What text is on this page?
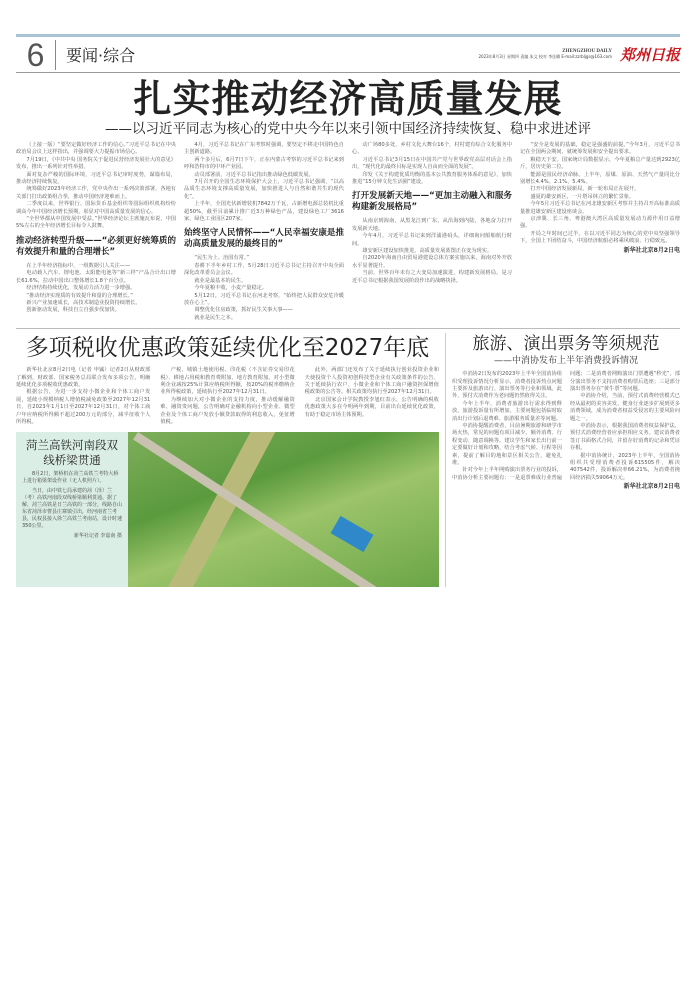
6	要闻·综合	ZHENGZHOU DAILY
2023年8月3日 星期四 责编 朱文 校对 李佳璐 E-mail:zzrbljgs@163.com 郑州日报
扎实推动经济高质量发展
——以习近平同志为核心的党中央今年以来引领中国经济持续恢复、稳中求进述评

（上接一版）“要坚定做好经济工作的信心。”习近平总书记在中央政治局会议上这样指出，并强调要大力提振市场信心。

7月19日，《中共中央 国务院关于促进民营经济发展壮大的意见》发布，推出一系列针对性举措。

面对复杂严峻的国际环境，习近平总书记审时度势，谋篇布局，推动经济持续恢复。

统筹做好2023年经济工作，党中央作出一系列决策部署，各地有关部门打出政策组合拳，推动中国经济迎难而上。

二季度以来，世界银行、国际货币基金组织等国际组织机构纷纷调高今年中国经济增长预期，彰显对中国高质量发展的信心。

“全世界都从中国发展中受益。”世界经济论坛主席施瓦布说，中国5%左右的全年经济增长目标令人鼓舞。

推动经济转型升级——“必须更好统筹质的有效提升和量的合理增长”

在上半年经济指标中，一组数据引人关注——

电动载人汽车、锂电池、太阳能电池等“新三样”产品合计出口增长61.6%，拉动中国出口整体增长1.8个百分点。

经济结构持续优化，发展动力活力进一步增强。

“推动经济实现质的有效提升和量的合理增长。”

新兴产业加速成长，高技术制造业投资持续增长。

创新驱动发展，科技自立自强步伐加快。

4月，习近平总书记在广东考察时强调，要坚定不移走中国特色自主创新道路。

两个多月后，6月7日下午，正在内蒙古考察的习近平总书记来到呼和浩特市的中环产业园。

动员部署前，习近平总书记指出推动绿色低碳发展。

7月召开的全国生态环境保护大会上，习近平总书记强调，“以高品质生态环境支撑高质量发展，加快推进人与自然和谐共生的现代化”。

上半年，全国光伏新增装机7842万千瓦，占新增电源总装机比重超50%，截至目前累计推广近3万种绿色产品，建设绿色工厂3616家，绿色工业园区207家。

始终坚守人民情怀——“人民幸福安康是推动高质量发展的最终目的”

“民生为上、治国有常。”

春耕下半年乡村工作，5月28日习近平总书记主持召开中央全面深化改革委员会会议。

就业是最基本的民生。

今年夏粮丰收，小麦产量稳定。

5月12日，习近平总书记在河北考察，“始终把人民群众安危冷暖放在心上”。

调整优化住房政策，抓好民生关事大事——

就业是民生之本。

动广场80多处，乡村文化大舞台16个，村村建有综合文化服务中心。

习近平总书记3月15日在中国共产党与世界政党高层对话会上指出，“现代化的最终目标是实现人自由而全面的发展”。

印发《关于构建优质均衡的基本公共教育服务体系的意见》，加快推进“15分钟文化生活圈”建设。

打开发展新天地——“更加主动融入和服务构建新发展格局”

从南京到海南，从黑龙江到广东，从沿海到内陆，各地奋力打开发展新天地。

今年4月，习近平总书记来到洋浦港码头，详细询问船舶航行时间。

雄安新区建设加快推进，高质量发展蓝图正在变为现实。

自2020年海南自由贸易港建设总体方案实施以来，海南对外开放水平显著提升。

当前，世界百年未有之大变局加速演进，构建新发展格局，是习近平总书记根据我国发展阶段作出的战略抉择。

“安全是发展的基础，稳定是强盛的前提。”今年3月，习近平总书记在全国两会期间，就统筹发展和安全提出要求。

粮稳天下安。国家统计局数据显示，今年夏粮总产量达到2923亿斤，居历史第二位。

能源是国民经济命脉。上半年，原煤、原油、天然气产量同比分别增长4.4%、2.1%、5.4%。

打开中国经济发展新局，新一轮布局正在展开。

盛夏的雄安新区，一片塔吊林立的繁忙景象。

今年5月习近平总书记在河北雄安新区考察并主持召开高标准高质量推进雄安新区建设座谈会。

京津冀、长三角、粤港澳大湾区高质量发展动力源作用日益增强。

开局之年时间已过半。在以习近平同志为核心的党中央坚强领导下，全国上下团结奋斗，中国经济航船必将乘风破浪、行稳致远。

新华社北京8月2日电
多项税收优惠政策延续优化至2027年底

新华社北京8月2日电（记者 申铖）记者2日从财政部了解到，财政部、国家税务总局联合发布多项公告，明确延续优化多项税收优惠政策。

根据公告，为进一步支持小微企业和个体工商户发展，延续小规模纳税人增值税减免政策至2027年12月31日，自2023年1月1日至2027年12月31日，对个体工商户年应纳税所得额不超过200万元的部分，减半征收个人所得税。

产税、城镇土地使用税、印花税（不含证券交易印花税）、耕地占用税和教育费附加、地方教育附加。对小型微利企业减按25%计算应纳税所得额，按20%的税率缴纳企业所得税政策，延续执行至2027年12月31日。

为继续加大对小微企业的支持力度，推动缓解融资难、融资贵问题，公告明确对金融机构向小型企业、微型企业及个体工商户发放小额贷款取得的利息收入，免征增值税。

此外，两部门还发布了关于延续执行创业投资企业和天使投资个人投资初创科技型企业有关政策条件的公告、关于延续执行农户、小微企业和个体工商户融资担保增值税政策的公告等。相关政策均执行至2027年12月31日。

北京国家会计学院教授李旭红表示，公告明确的税收优惠政策大多在今明两年到期，目前出台延续优化政策，有助于稳定市场主体预期。

菏兰高铁河南段双线桥梁贯通

8月2日，架桥机在菏兰高铁兰考特大桥上进行箱梁架设作业（无人机照片）。

当日，由中铁七局承建的菏（泽）兰（考）高铁河南段双线桥梁顺利贯通。据了解，菏兰高铁是日兰高铁的一部分，线路自山东省菏泽市曹县庄寨镇引出，经河南省兰考县，民权县接入徐兰高铁兰考南站，设计时速350公里。

新华社记者 李嘉南 摄

旅游、演出票务等须规范
——中消协发布上半年消费投诉情况

中消协2日发布的2023年上半年全国消协组织受理投诉情况分析显示，消费者投诉热点问题主要涉及旅游出行、演出票务等行业和领域。此外，预付式消费作为老问题仍然值得关注。

今年上半年，消费者旅游出行需求得到释放，旅游投诉量有所增加，主要问题包括临时取消出行计划后退费难、旅游服务质量差等问题。

中消协提醒消费者，目前暑期旅游和研学市场火热，常见的问题有项目减少、额外消费、行程变动、随意调换等。建议学生和家长出行前一定要做好计划和攻略，结合考虑气候、行程等因素，提前了解目的地和景区相关公告，避免扎堆。

针对今年上半年网购演出票务行业的投诉，中消协分析主要问题有：一是退票难成行业普遍问题；二是消费者网购演出门票遭遇“秒光”，部分演出票务不支持消费者购票后选座；三是部分演出票务存在“黄牛票”等问题。

中消协介绍，当前，预付式消费经营模式已经从最初的美容美发、健身行业逐步扩展到更多消费领域，成为消费者权益受侵害的主要风险问题之一。

中消协表示，根据我国消费者权益保护法，预付式消费经营者应承担相应义务。建议消费者签订书面格式合同，并留存好消费的记录和凭证存根。

据中消协统计，2023年上半年，全国消协组织共受理消费者投诉615505件，解决407542件，投诉解决率66.21%，为消费者挽回经济损失59064万元。

新华社北京8月2日电
